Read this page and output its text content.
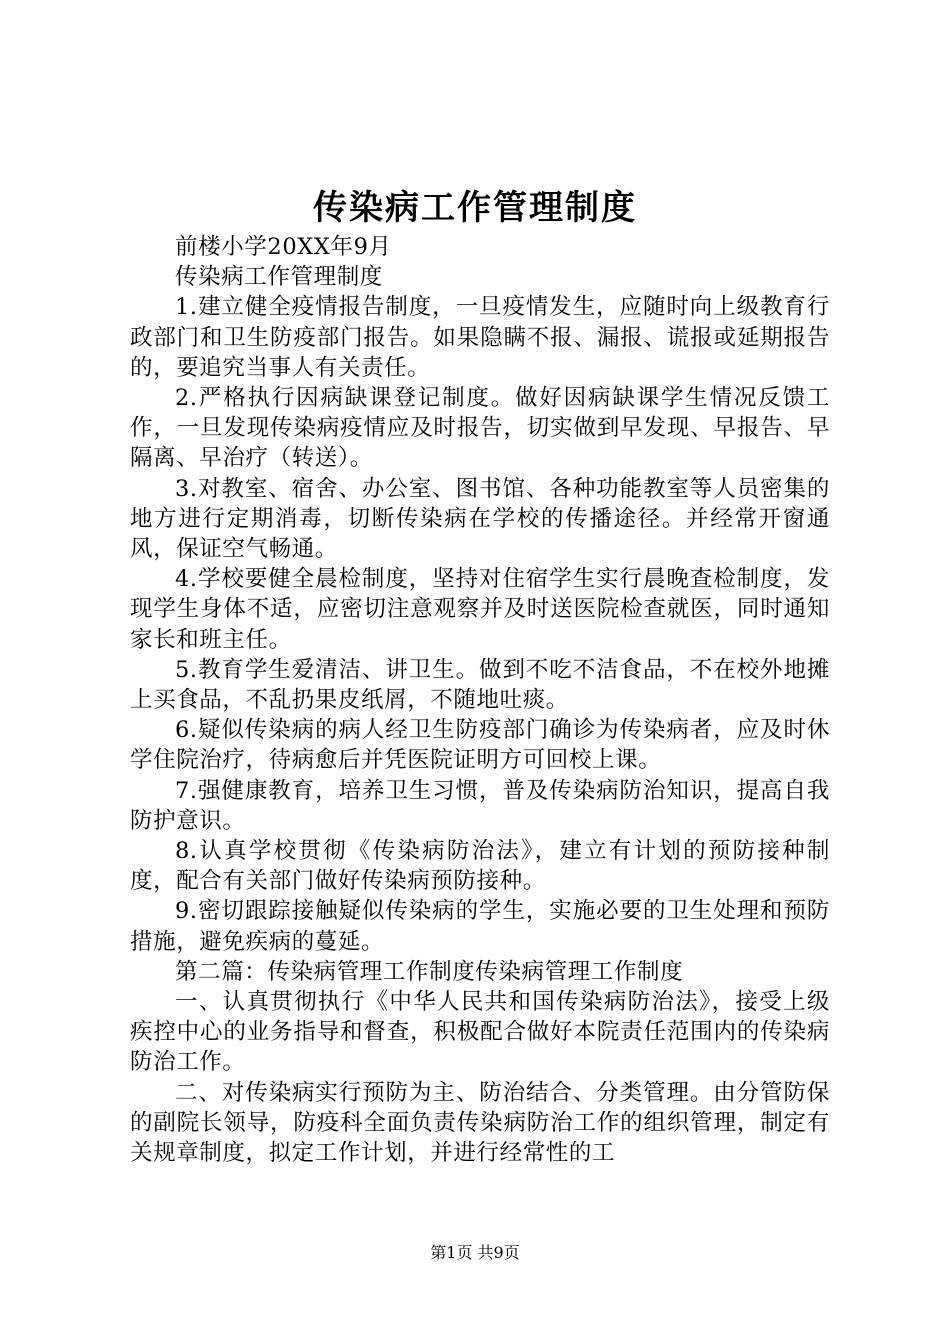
传染病工作管理制度

前楼小学20XX年9月

传染病工作管理制度

1.建立健全疫情报告制度，一旦疫情发生，应随时向上级教育行政部门和卫生防疫部门报告。如果隐瞒不报、漏报、谎报或延期报告的，要追究当事人有关责任。

2.严格执行因病缺课登记制度。做好因病缺课学生情况反馈工作，一旦发现传染病疫情应及时报告，切实做到早发现、早报告、早隔离、早治疗（转送）。

3.对教室、宿舍、办公室、图书馆、各种功能教室等人员密集的地方进行定期消毒，切断传染病在学校的传播途径。并经常开窗通风，保证空气畅通。

4.学校要健全晨检制度，坚持对住宿学生实行晨晚查检制度，发现学生身体不适，应密切注意观察并及时送医院检查就医，同时通知家长和班主任。

5.教育学生爱清洁、讲卫生。做到不吃不洁食品，不在校外地摊上买食品，不乱扔果皮纸屑，不随地吐痰。

6.疑似传染病的病人经卫生防疫部门确诊为传染病者，应及时休学住院治疗，待病愈后并凭医院证明方可回校上课。

7.强健康教育，培养卫生习惯，普及传染病防治知识，提高自我防护意识。

8.认真学校贯彻《传染病防治法》，建立有计划的预防接种制度，配合有关部门做好传染病预防接种。

9.密切跟踪接触疑似传染病的学生，实施必要的卫生处理和预防措施，避免疾病的蔓延。

第二篇：传染病管理工作制度传染病管理工作制度

一、认真贯彻执行《中华人民共和国传染病防治法》，接受上级疾控中心的业务指导和督查，积极配合做好本院责任范围内的传染病防治工作。

二、对传染病实行预防为主、防治结合、分类管理。由分管防保的副院长领导，防疫科全面负责传染病防治工作的组织管理，制定有关规章制度，拟定工作计划，并进行经常性的工

第1页 共9页
